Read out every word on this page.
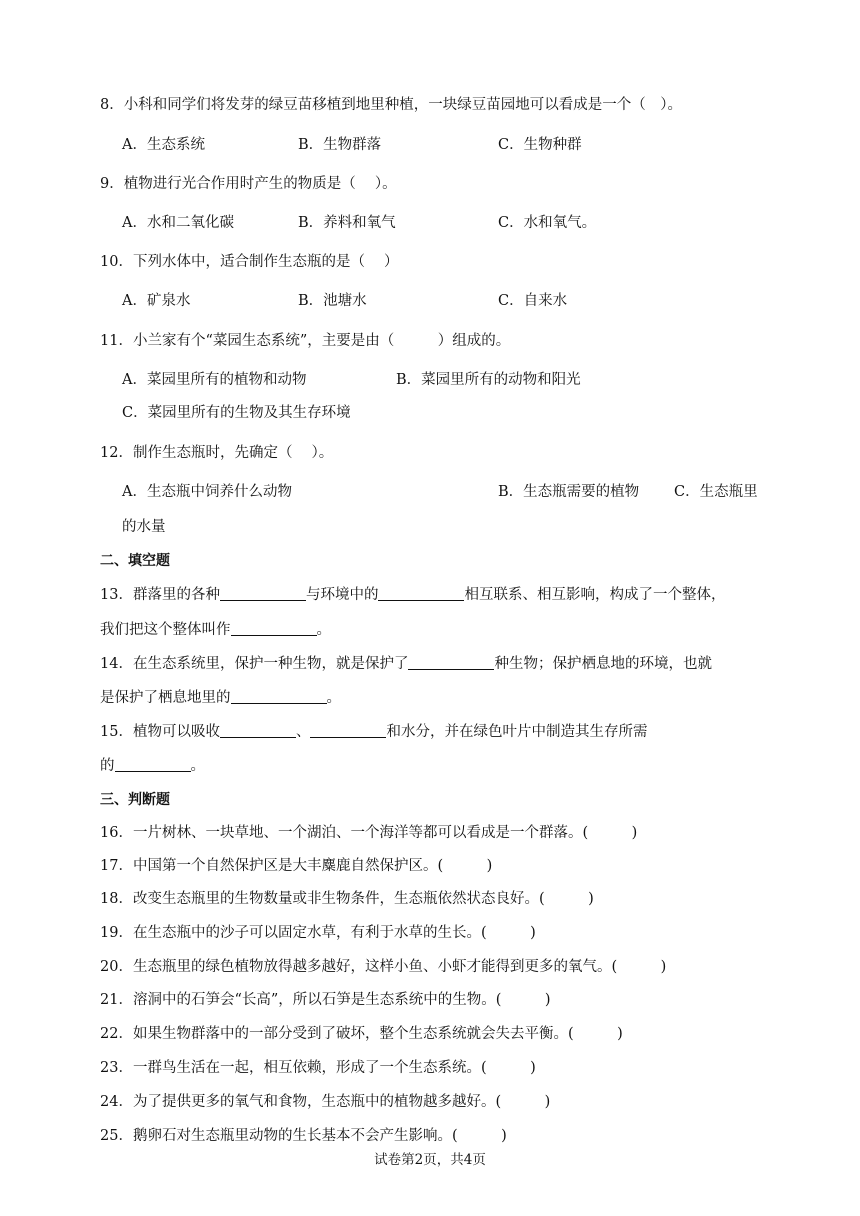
8．小科和同学们将发芽的绿豆苗移植到地里种植，一块绿豆苗园地可以看成是一个（　）。
A．生态系统	B．生物群落	C．生物种群
9．植物进行光合作用时产生的物质是（　 ）。
A．水和二氧化碳	B．养料和氧气	C．水和氧气。
10．下列水体中，适合制作生态瓶的是（　 ）
A．矿泉水	B．池塘水	C．自来水
11．小兰家有个“菜园生态系统”，主要是由（　　　）组成的。
A．菜园里所有的植物和动物	B．菜园里所有的动物和阳光
C．菜园里所有的生物及其生存环境
12．制作生态瓶时，先确定（　 ）。
A．生态瓶中饲养什么动物	B．生态瓶需要的植物 C．生态瓶里
的水量
二、填空题
13．群落里的各种	与环境中的	相互联系、相互影响，构成了一个整体，
我们把这个整体叫作	。
14．在生态系统里，保护一种生物，就是保护了	种生物；保护栖息地的环境，也就
是保护了栖息地里的	。
15．植物可以吸收	、	和水分，并在绿色叶片中制造其生存所需
的	。
三、判断题
16．一片树林、一块草地、一个湖泊、一个海洋等都可以看成是一个群落。(　　　)
17．中国第一个自然保护区是大丰麋鹿自然保护区。(　　　)
18．改变生态瓶里的生物数量或非生物条件，生态瓶依然状态良好。(　　　)
19．在生态瓶中的沙子可以固定水草，有利于水草的生长。(　　　)
20．生态瓶里的绿色植物放得越多越好，这样小鱼、小虾才能得到更多的氧气。(　　　)
21．溶洞中的石笋会“长高”，所以石笋是生态系统中的生物。(　　　)
22．如果生物群落中的一部分受到了破坏，整个生态系统就会失去平衡。(　　　)
23．一群鸟生活在一起，相互依赖，形成了一个生态系统。(　　　)
24．为了提供更多的氧气和食物，生态瓶中的植物越多越好。(　　　)
25．鹅卵石对生态瓶里动物的生长基本不会产生影响。(　　　)
试卷第2页，共4页
